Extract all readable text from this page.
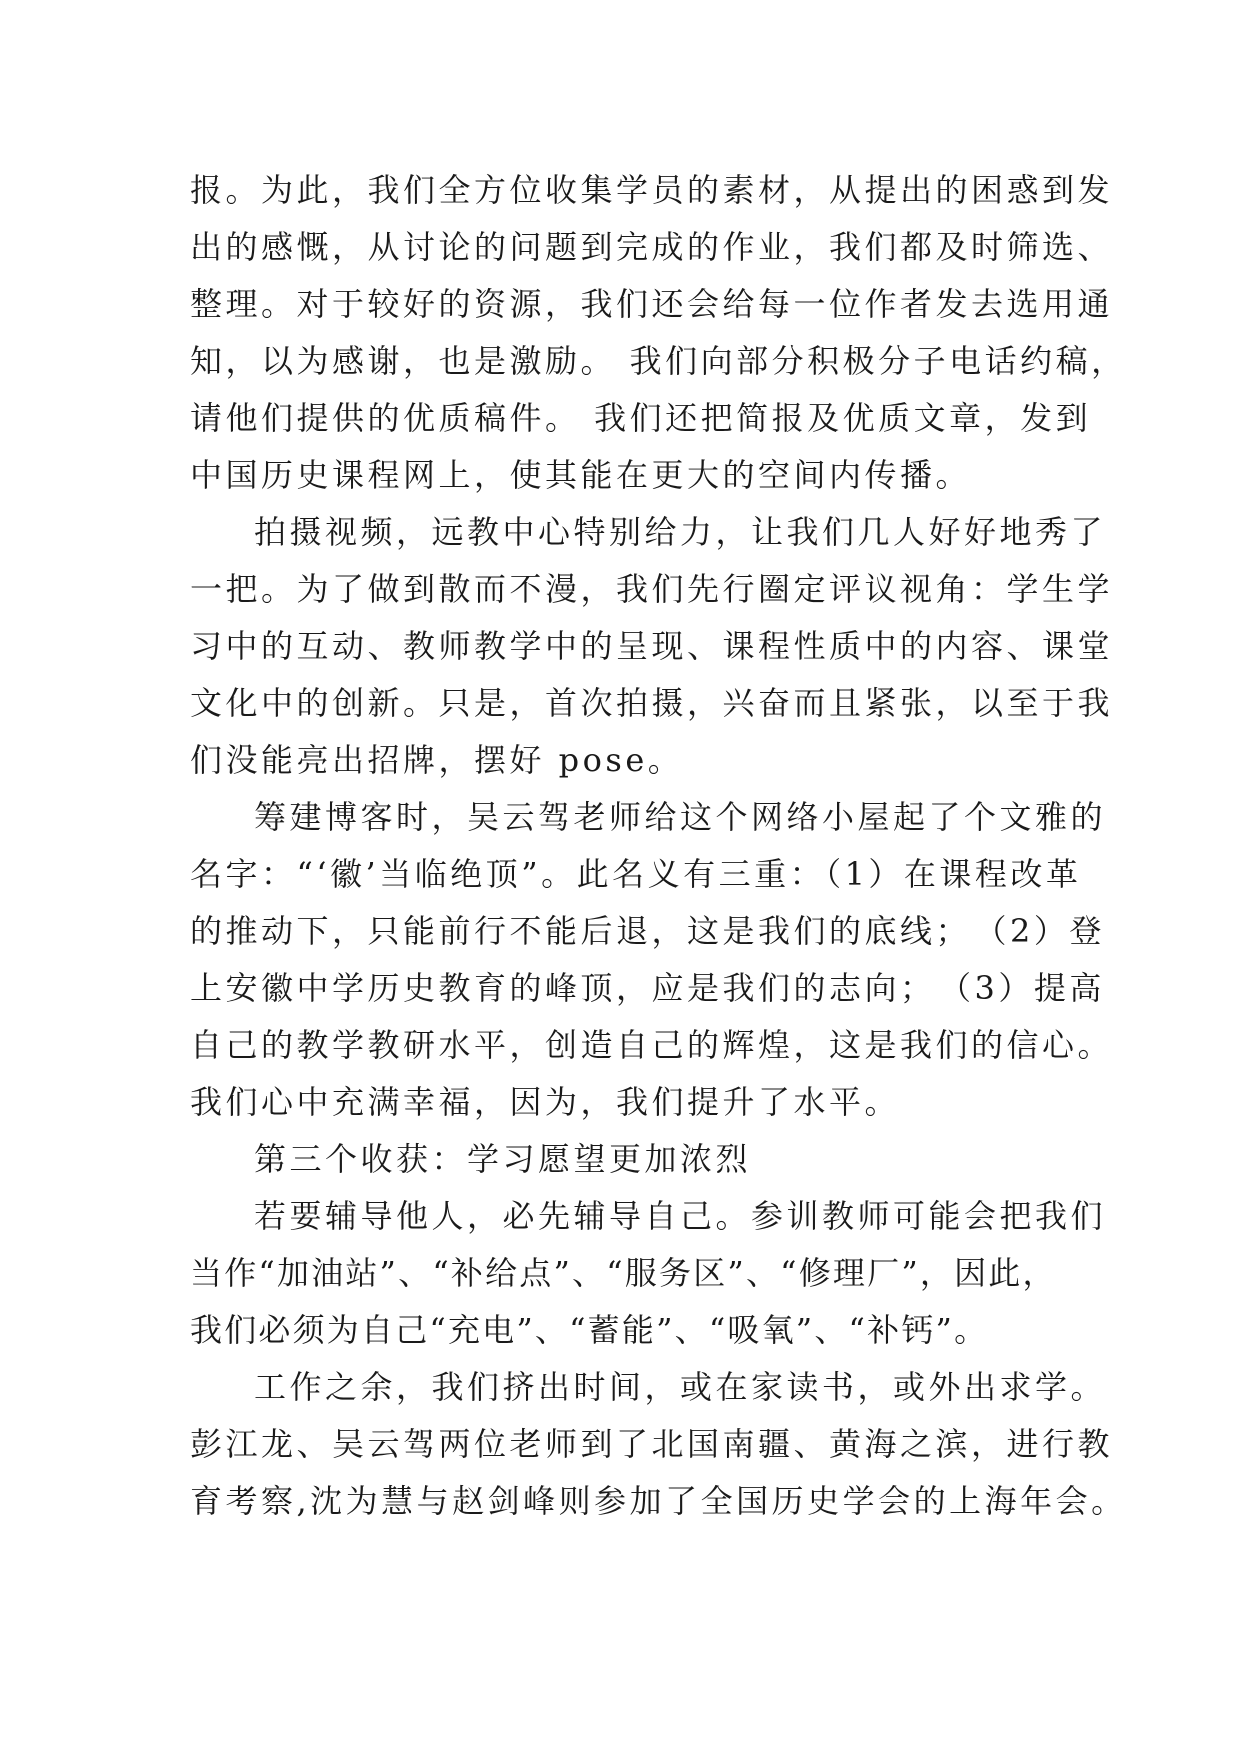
报。为此，我们全方位收集学员的素材，从提出的困惑到发
出的感慨，从讨论的问题到完成的作业，我们都及时筛选、
整理。对于较好的资源，我们还会给每一位作者发去选用通
知，以为感谢，也是激励。 我们向部分积极分子电话约稿，
请他们提供的优质稿件。 我们还把简报及优质文章，发到
中国历史课程网上，使其能在更大的空间内传播。
拍摄视频，远教中心特别给力，让我们几人好好地秀了
一把。为了做到散而不漫，我们先行圈定评议视角：学生学
习中的互动、教师教学中的呈现、课程性质中的内容、课堂
文化中的创新。只是，首次拍摄，兴奋而且紧张，以至于我
们没能亮出招牌，摆好 pose。
筹建博客时，吴云驾老师给这个网络小屋起了个文雅的
名字：“‘徽’当临绝顶”。此名义有三重：（1）在课程改革
的推动下，只能前行不能后退，这是我们的底线；　（2）登
上安徽中学历史教育的峰顶，应是我们的志向；　（3）提高
自己的教学教研水平，创造自己的辉煌，这是我们的信心。
我们心中充满幸福，因为，我们提升了水平。
第三个收获：学习愿望更加浓烈
若要辅导他人，必先辅导自己。参训教师可能会把我们
当作“加油站”、“补给点”、“服务区”、“修理厂”，因此，
我们必须为自己“充电”、“蓄能”、“吸氧”、“补钙”。
工作之余，我们挤出时间，或在家读书，或外出求学。
彭江龙、吴云驾两位老师到了北国南疆、黄海之滨，进行教
育考察,沈为慧与赵剑峰则参加了全国历史学会的上海年会。
